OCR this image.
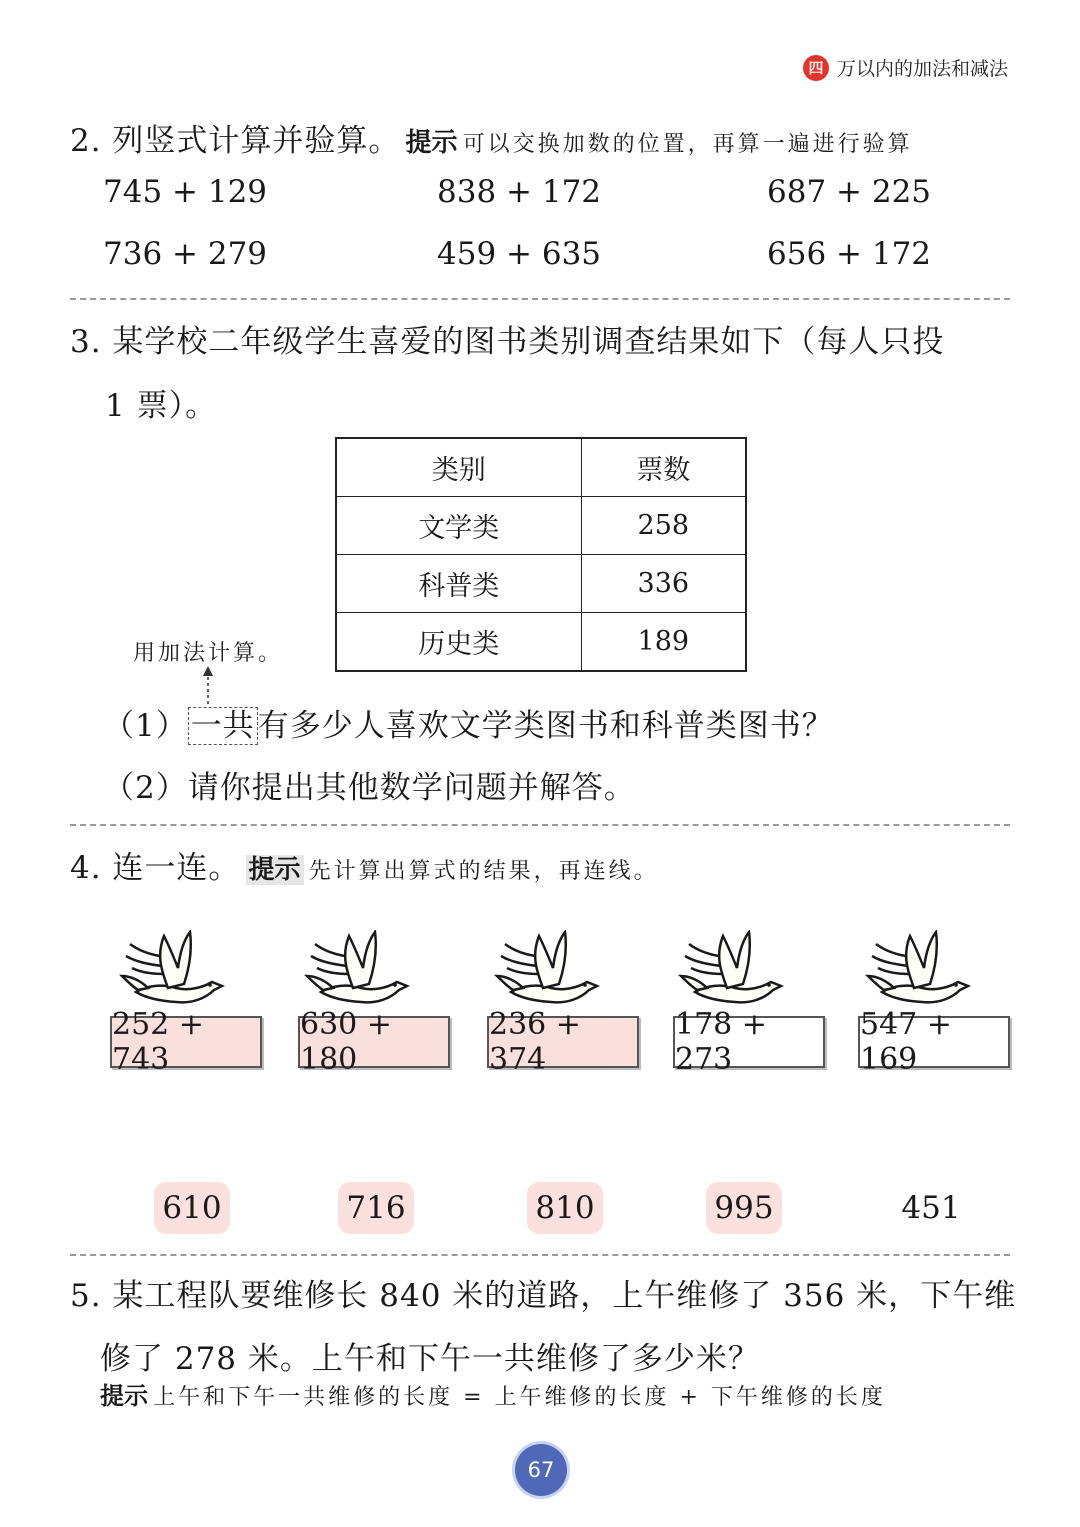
四 万以内的加法和减法
2. 列竖式计算并验算。 提示 可以交换加数的位置，再算一遍进行验算
745 + 129	838 + 172	687 + 225
736 + 279	459 + 635	656 + 172
3. 某学校二年级学生喜爱的图书类别调查结果如下（每人只投
1 票）。
类别	票数
文学类	258
科普类	336
历史类	189
用加法计算。
（1）一共有多少人喜欢文学类图书和科普类图书？
（2）请你提出其他数学问题并解答。
4. 连一连。 提示 先计算出算式的结果，再连线。
252 + 743
630 + 180
236 + 374
178 + 273
547 + 169
610	716	810	995	451
5. 某工程队要维修长 840 米的道路，上午维修了 356 米，下午维
修了 278 米。上午和下午一共维修了多少米？
提示 上午和下午一共维修的长度 = 上午维修的长度 + 下午维修的长度
67
